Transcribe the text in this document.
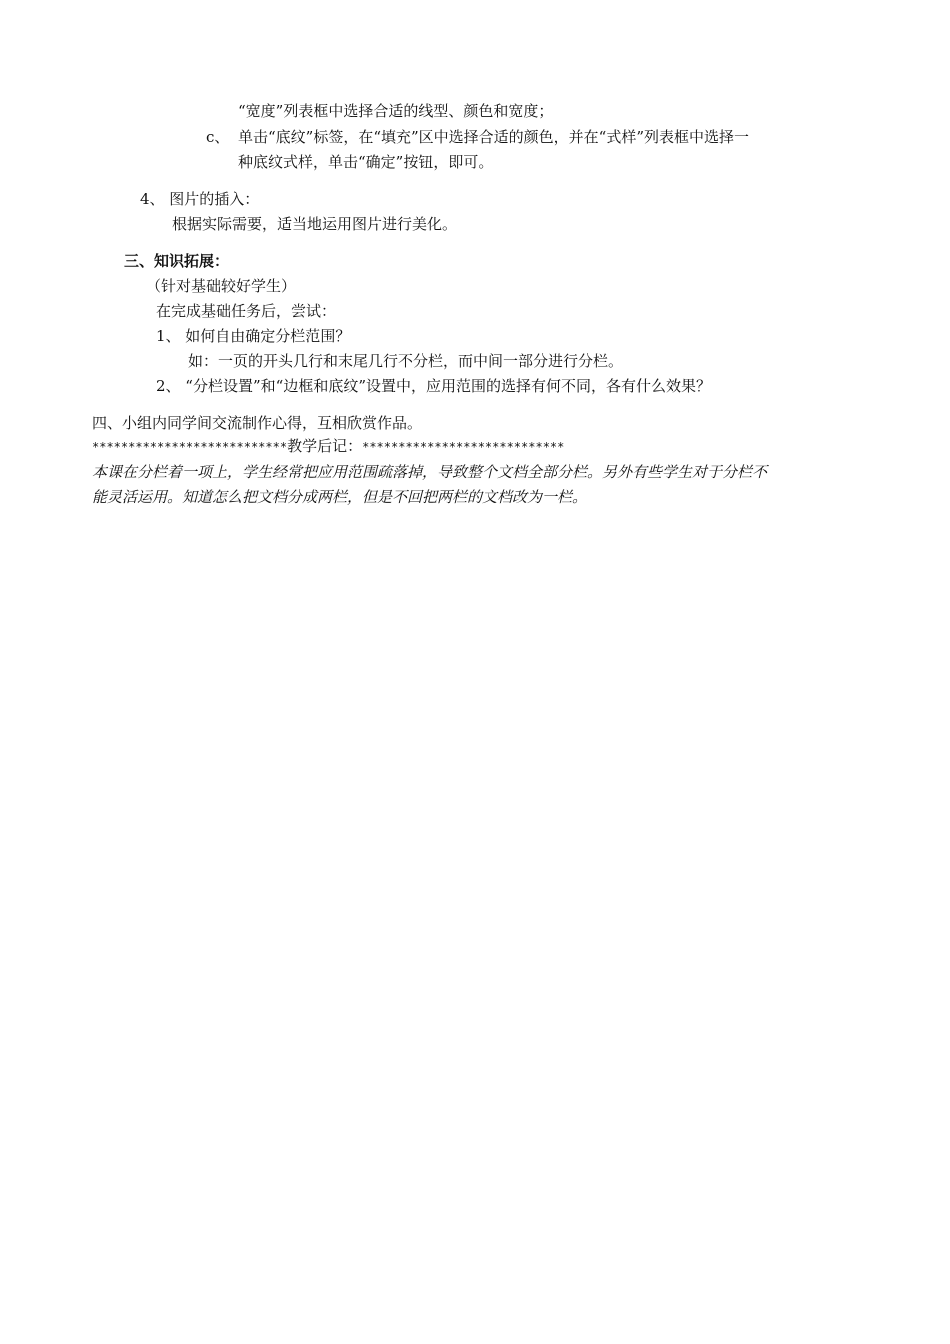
“宽度”列表框中选择合适的线型、颜色和宽度；
c、 单击“底纹”标签，在“填充”区中选择合适的颜色，并在“式样”列表框中选择一
种底纹式样，单击“确定”按钮，即可。
4、 图片的插入：
根据实际需要，适当地运用图片进行美化。
三、知识拓展：
（针对基础较好学生）
在完成基础任务后，尝试：
1、 如何自由确定分栏范围？
如：一页的开头几行和末尾几行不分栏，而中间一部分进行分栏。
2、 “分栏设置”和“边框和底纹”设置中，应用范围的选择有何不同，各有什么效果？
四、小组内同学间交流制作心得，互相欣赏作品。
***************************教学后记：****************************
本课在分栏着一项上，学生经常把应用范围疏落掉，导致整个文档全部分栏。另外有些学生对于分栏不
能灵活运用。知道怎么把文档分成两栏，但是不回把两栏的文档改为一栏。
